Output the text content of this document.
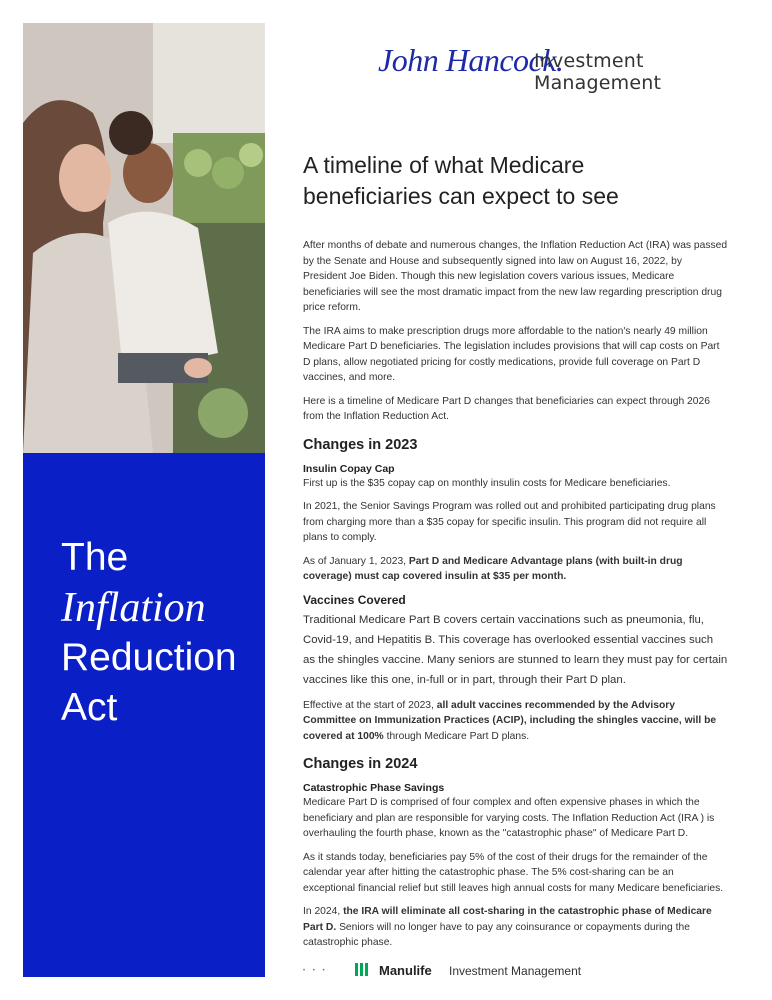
The
Inflation
Reduction
Act
John Hancock.
Investment Management
A timeline of what Medicare
beneficiaries can expect to see

After months of debate and numerous changes, the Inflation Reduction Act (IRA) was passed by the Senate and House and subsequently signed into law on August 16, 2022, by President Joe Biden. Though this new legislation covers various issues, Medicare beneficiaries will see the most dramatic impact from the new law regarding prescription drug price reform.

The IRA aims to make prescription drugs more affordable to the nation's nearly 49 million Medicare Part D beneficiaries. The legislation includes provisions that will cap costs on Part D plans, allow negotiated pricing for costly medications, provide full coverage on Part D vaccines, and more.

Here is a timeline of Medicare Part D changes that beneficiaries can expect through 2026 from the Inflation Reduction Act.

Changes in 2023
Insulin Copay Cap

First up is the $35 copay cap on monthly insulin costs for Medicare beneficiaries.

In 2021, the Senior Savings Program was rolled out and prohibited participating drug plans from charging more than a $35 copay for specific insulin. This program did not require all plans to comply.

As of January 1, 2023, Part D and Medicare Advantage plans (with built-in drug coverage) must cap covered insulin at $35 per month.

Vaccines Covered

Traditional Medicare Part B covers certain vaccinations such as pneumonia, flu, Covid-19, and Hepatitis B. This coverage has overlooked essential vaccines such as the shingles vaccine. Many seniors are stunned to learn they must pay for certain vaccines like this one, in-full or in part, through their Part D plan.

Effective at the start of 2023, all adult vaccines recommended by the Advisory Committee on Immunization Practices (ACIP), including the shingles vaccine, will be covered at 100% through Medicare Part D plans.

Changes in 2024
Catastrophic Phase Savings

Medicare Part D is comprised of four complex and often expensive phases in which the beneficiary and plan are responsible for varying costs. The Inflation Reduction Act (IRA ) is overhauling the fourth phase, known as the "catastrophic phase" of Medicare Part D.

As it stands today, beneficiaries pay 5% of the cost of their drugs for the remainder of the calendar year after hitting the catastrophic phase. The 5% cost-sharing can be an exceptional financial relief but still leaves high annual costs for many Medicare beneficiaries.

In 2024, the IRA will eliminate all cost-sharing in the catastrophic phase of Medicare Part D. Seniors will no longer have to pay any coinsurance or copayments during the catastrophic phase.

• • •	Manulife Investment Management
